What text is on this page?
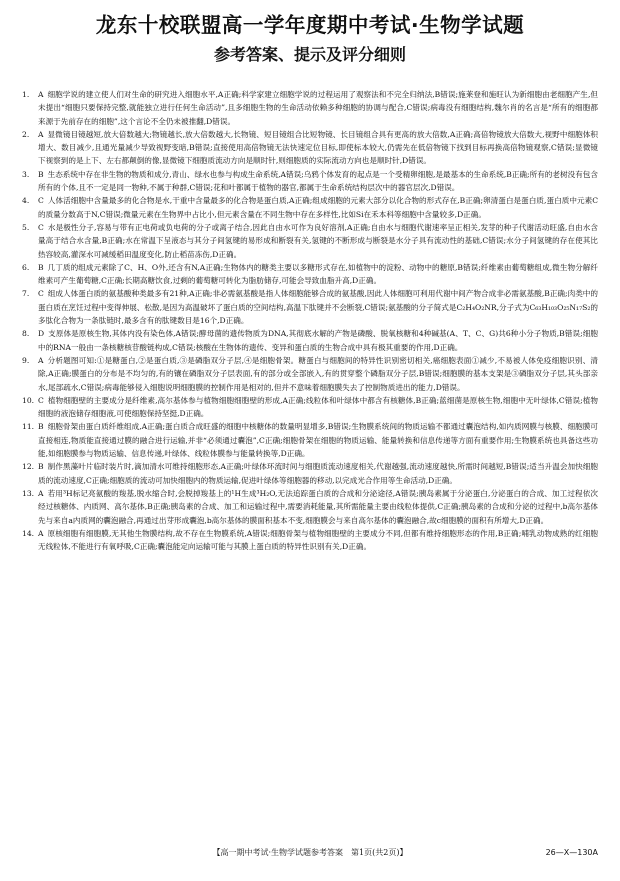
龙东十校联盟高一学年度期中考试·生物学试题
参考答案、提示及评分细则
1.	A 细胞学说的建立使人们对生命的研究进入细胞水平,A正确;科学家建立细胞学说的过程运用了观察法和不完全归纳法,B错误;施莱登和施旺认为新细胞由老细胞产生,但未提出“细胞只要保持完整,就能独立进行任何生命活动”,且多细胞生物的生命活动依赖多种细胞的协调与配合,C错误;病毒没有细胞结构,魏尔肖的名言是“所有的细胞都来源于先前存在的细胞”,这个言论不全仍未被推翻,D错误。
2.	A 显微镜目镜越短,放大倍数越大;物镜越长,放大倍数越大,长物镜、短目镜组合比短物镜、长目镜组合具有更高的放大倍数,A正确;高倍物镜放大倍数大,视野中细胞体积增大、数目减少,且通光量减少导致视野变暗,B错误;直接使用高倍物镜无法快速定位目标,即使标本较大,仍需先在低倍物镜下找到目标再换高倍物镜观察,C错误;显微镜下视察到的是上下、左右都颠倒的像,显微镜下细胞质流动方向是顺时针,则细胞质的实际流动方向也是顺时针,D错误。
3.	B 生态系统中存在非生物的物质和成分,青山、绿水也参与构成生命系统,A错误;乌鸦个体发育的起点是一个受精卵细胞,是最基本的生命系统,B正确;所有的老树没有包含所有的个体,且不一定是同一物种,不属于种群,C错误;花和叶都属于植物的器官,都属于生命系统结构层次中的器官层次,D错误。
4.	C 人体活细胞中含量最多的化合物是水,干重中含量最多的化合物是蛋白质,A正确;组成细胞的元素大部分以化合物的形式存在,B正确;卵清蛋白是蛋白质,蛋白质中元素C的质量分数高于N,C错误;微量元素在生物界中占比小,但元素含量在不同生物中存在多样性,比如Si在禾本科等细胞中含量较多,D正确。
5.	C 水是极性分子,容易与带有正电荷或负电荷的分子或离子结合,因此自由水可作为良好溶剂,A正确;自由水与细胞代谢速率呈正相关,发芽的种子代谢活动旺盛,自由水含量高于结合水含量,B正确;水在常温下呈液态与其分子间氢键的易形成和断裂有关,氢键的不断形成与断裂是水分子具有流动性的基础,C错误;水分子间氢键的存在使其比热容较高,灌深水可减缓稻田温度变化,防止稻苗冻伤,D正确。
6.	B 几丁质的组成元素除了C、H、O外,还含有N,A正确;生物体内的糖类主要以多糖形式存在,如植物中的淀粉、动物中的糖原,B错误;纤维素由葡萄糖组成,微生物分解纤维素可产生葡萄糖,C正确;长期高糖饮食,过剩的葡萄糖可转化为脂肪储存,可能会导致血脂升高,D正确。
7.	C 组成人体蛋白质的氨基酸种类最多有21种,A正确;非必需氨基酸是指人体细胞能够合成的氨基酸,因此人体细胞可利用代谢中间产物合成非必需氨基酸,B正确;肉类中的蛋白质在烹饪过程中变得伸展、松散,是因为高温破坏了蛋白质的空间结构,高温下肽键并不会断裂,C错误;氨基酸的分子简式是C₂H₄O₂NR,分子式为C₆₃H₁₀₃O₂₅N₁₇S₂的多肽化合物为一条肽链时,最多含有的肽键数目是16个,D正确。
8.	D 支原体是原核生物,其体内没有染色体,A错误;酵母菌的遗传物质为DNA,其彻底水解的产物是磷酸、脱氧核糖和4种碱基(A、T、C、G)共6种小分子物质,B错误;细胞中的RNA一般由一条核糖核苷酸链构成,C错误;核酸在生物体的遗传、变异和蛋白质的生物合成中具有极其重要的作用,D正确。
9.	A 分析题图可知:①是糖蛋白,②是蛋白质,③是磷脂双分子层,④是细胞骨架。糖蛋白与细胞间的特异性识别密切相关,癌细胞表面①减少,不易被人体免疫细胞识别、清除,A正确;膜蛋白的分布是不均匀的,有的镶在磷脂双分子层表面,有的部分或全部嵌入,有的贯穿整个磷脂双分子层,B错误;细胞膜的基本支架是③磷脂双分子层,其头部亲水,尾部疏水,C错误;病毒能够侵入细胞说明细胞膜的控制作用是相对的,但并不意味着细胞膜失去了控制物质进出的能力,D错误。
10. C 植物细胞壁的主要成分是纤维素,高尔基体参与植物细胞细胞壁的形成,A正确;线粒体和叶绿体中都含有核糖体,B正确;蓝细菌是原核生物,细胞中无叶绿体,C错误;植物细胞的液泡储存细胞液,可使细胞保持坚挺,D正确。
11. B 细胞骨架由蛋白质纤维组成,A正确;蛋白质合成旺盛的细胞中核糖体的数量明显增多,B错误;生物膜系统间的物质运输不都通过囊泡结构,如内质网膜与核膜、细胞膜可直接相连,物质能直接通过膜的融合进行运输,并非“必须通过囊泡”,C正确;细胞骨架在细胞的物质运输、能量转换和信息传递等方面有重要作用;生物膜系统也具备这些功能,如细胞膜参与物质运输、信息传递,叶绿体、线粒体膜参与能量转换等,D正确。
12. B 制作黑藻叶片临时装片时,滴加清水可维持细胞形态,A正确;叶绿体环流时间与细胞质流动速度相关,代谢越强,流动速度越快,所需时间越短,B错误;适当升温会加快细胞质的流动速度,C正确;细胞质的流动可加快细胞内的物质运输,促进叶绿体等细胞器的移动,以完成光合作用等生命活动,D正确。
13. A 若用³H标记亮氨酸的羧基,脱水缩合时,会脱掉羧基上的¹H生成³H₂O,无法追踪蛋白质的合成和分泌途径,A错误;胰岛素属于分泌蛋白,分泌蛋白的合成、加工过程依次经过核糖体、内质网、高尔基体,B正确;胰岛素的合成、加工和运输过程中,需要消耗能量,其所需能量主要由线粒体提供,C正确;胰岛素的合成和分泌的过程中,b高尔基体先与来自a内质网的囊泡融合,再通过出芽形成囊泡,b高尔基体的膜面积基本不变,细胞膜会与来自高尔基体的囊泡融合,故c细胞膜的面积有所增大,D正确。
14. A 原核细胞有细胞膜,无其他生物膜结构,故不存在生物膜系统,A错误;细胞骨架与植物细胞壁的主要成分不同,但都有维持细胞形态的作用,B正确;哺乳动物成熟的红细胞无线粒体,不能进行有氧呼吸,C正确;囊泡能定向运输可能与其膜上蛋白质的特异性识别有关,D正确。
【高一期中考试·生物学试题参考答案　第1页(共2页)】	26—X—130A
